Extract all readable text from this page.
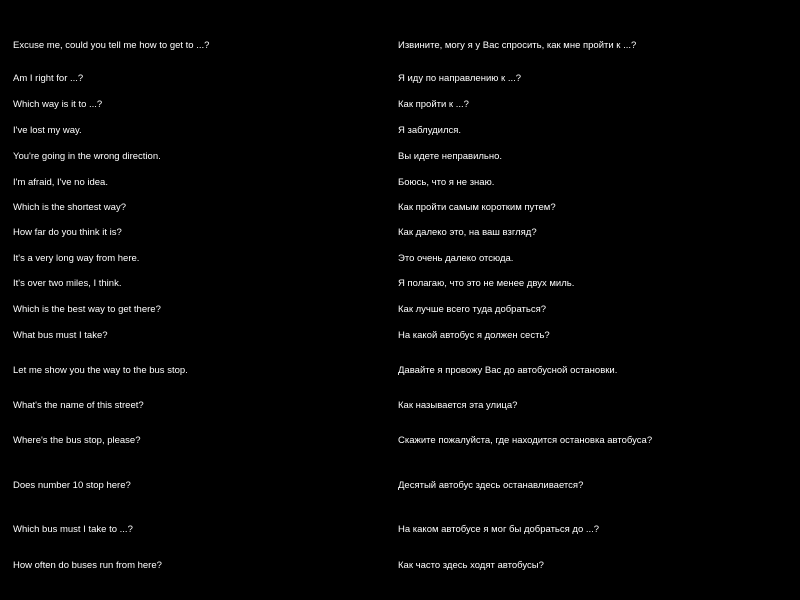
Excuse me, could you tell me how to get to ...?	Извините, могу я у Вас спросить, как мне пройти к ...?
Am I right for ...?	Я иду по направлению к ...?
Which way is it to ...?	Как пройти к ...?
I've lost my way.	Я заблудился.
You're going in the wrong direction.	Вы идете неправильно.
I'm afraid, I've no idea.	Боюсь, что я не знаю.
Which is the shortest way?	Как пройти самым коротким путем?
How far do you think it is?	Как далеко это, на ваш взгляд?
It's a very long way from here.	Это очень далеко отсюда.
It's over two miles, I think.	Я полагаю, что это не менее двух миль.
Which is the best way to get there?	Как лучше всего туда добраться?
What bus must I take?	На какой автобус я должен сесть?
Let me show you the way to the bus stop.	Давайте я провожу Вас до автобусной остановки.
What's the name of this street?	Как называется эта улица?
Where's the bus stop, please?	Скажите пожалуйста, где находится остановка автобуса?
Does number 10 stop here?	Десятый автобус здесь останавливается?
Which bus must I take to ...?	На каком автобусе я мог бы добраться до ...?
How often do buses run from here?	Как часто здесь ходят автобусы?
